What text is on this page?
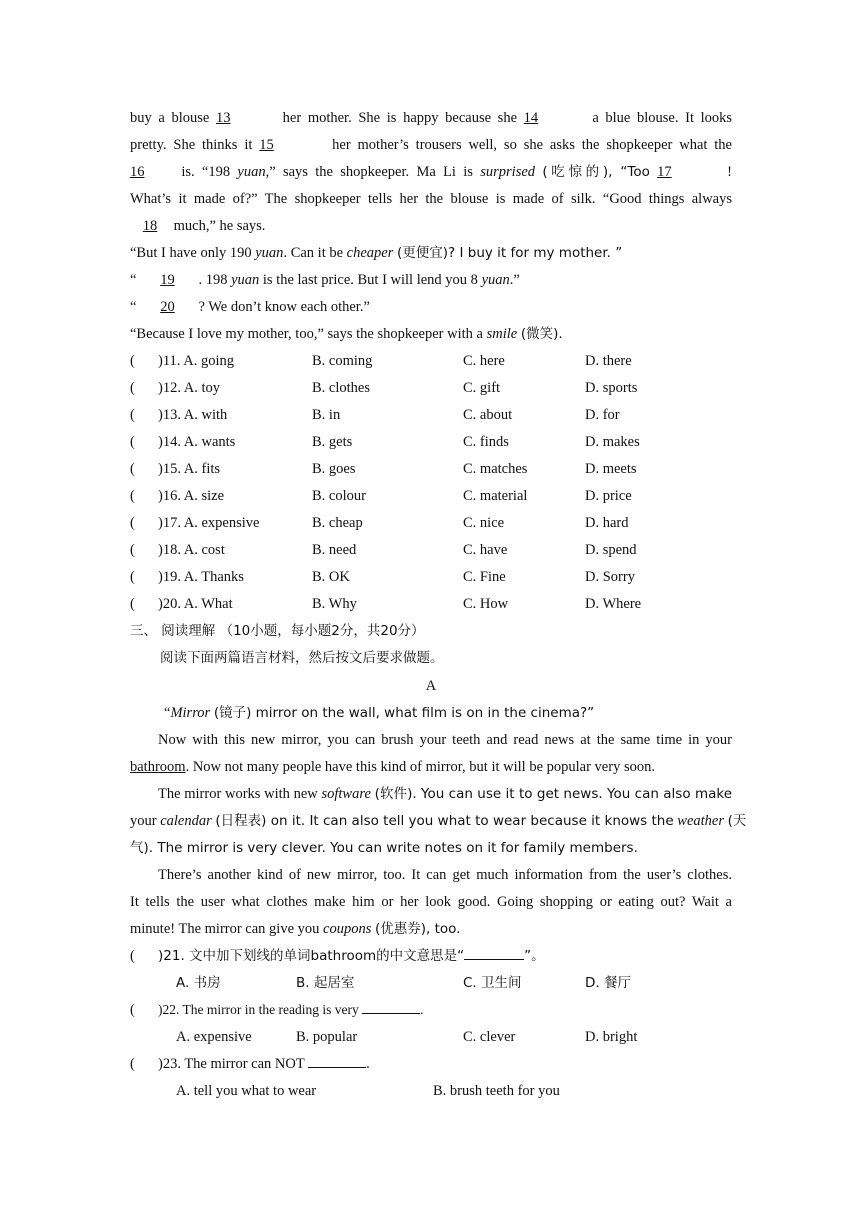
buy a blouse 13	her mother. She is happy because she 14	a blue blouse. It looks
pretty. She thinks it 15	her mother’s trousers well, so she asks the shopkeeper what the
16	is. “198 yuan,” says the shopkeeper. Ma Li is surprised (吃惊的), “Too 17	!
What’s it made of?” The shopkeeper tells her the blouse is made of silk. “Good things always
18 much,” he says.
“But I have only 190 yuan. Can it be cheaper (更便宜)? I buy it for my mother. ”
“ 19 . 198 yuan is the last price. But I will lend you 8 yuan.”
“ 20 ? We don’t know each other.”
“Because I love my mother, too,” says the shopkeeper with a smile (微笑).
( )11. A. going	B. coming	C. here	D. there
( )12. A. toy	B. clothes	C. gift	D. sports
( )13. A. with	B. in	C. about	D. for
( )14. A. wants	B. gets	C. finds	D. makes
( )15. A. fits	B. goes	C. matches	D. meets
( )16. A. size	B. colour	C. material	D. price
( )17. A. expensive	B. cheap	C. nice	D. hard
( )18. A. cost	B. need	C. have	D. spend
( )19. A. Thanks	B. OK	C. Fine	D. Sorry
( )20. A. What	B. Why	C. How	D. Where
三、 阅读理解 （10小题，每小题2分，共20分）
阅读下面两篇语言材料，然后按文后要求做题。
A
“Mirror (镜子) mirror on the wall, what film is on in the cinema?”
Now with this new mirror, you can brush your teeth and read news at the same time in your
bathroom. Now not many people have this kind of mirror, but it will be popular very soon.
The mirror works with new software (软件). You can use it to get news. You can also make
your calendar (日程表) on it. It can also tell you what to wear because it knows the weather (天
气). The mirror is very clever. You can write notes on it for family members.
There’s another kind of new mirror, too. It can get much information from the user’s clothes.
It tells the user what clothes make him or her look good. Going shopping or eating out? Wait a
minute! The mirror can give you coupons (优惠券), too.
( )21. 文中加下划线的单词bathroom的中文意思是“	”。
A. 书房	B. 起居室	C. 卫生间	D. 餐厅
( )22. The mirror in the reading is very	.
A. expensive	B. popular	C. clever	D. bright
( )23. The mirror can NOT	.
A. tell you what to wear	B. brush teeth for you
